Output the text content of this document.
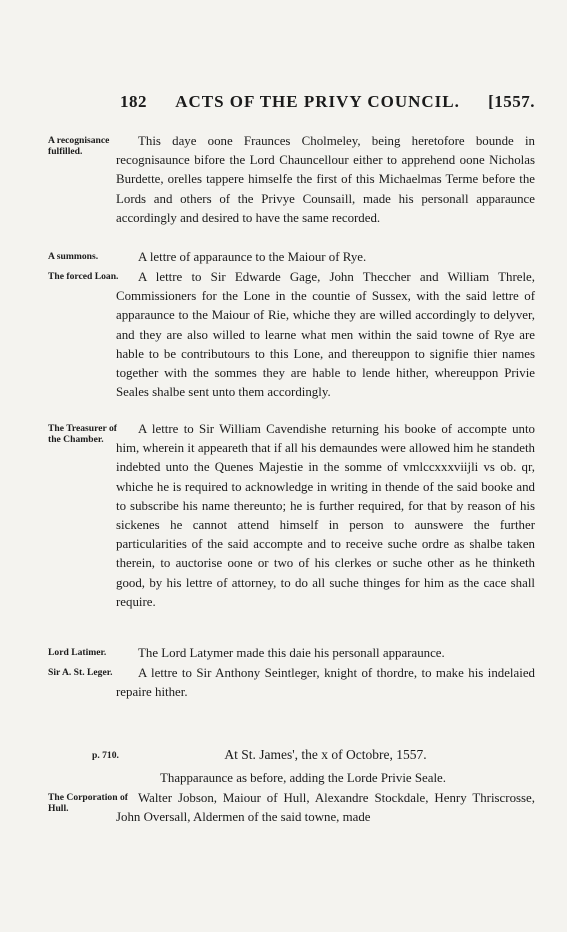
182 ACTS OF THE PRIVY COUNCIL. [1557.
A recognisance fulfilled.
This daye oone Fraunces Cholmeley, being heretofore bounde in recognisaunce bifore the Lord Chauncellour either to apprehend oone Nicholas Burdette, orelles tappere himselfe the first of this Michaelmas Terme before the Lords and others of the Privye Counsaill, made his personall apparaunce accordingly and desired to have the same recorded.
A summons.	A lettre of apparaunce to the Maiour of Rye.
The forced Loan.	A lettre to Sir Edwarde Gage, John Theccher and William Threle, Commissioners for the Lone in the countie of Sussex, with the said lettre of apparaunce to the Maiour of Rie, whiche they are willed accordingly to delyver, and they are also willed to learne what men within the said towne of Rye are hable to be contributours to this Lone, and thereuppon to signifie thier names together with the sommes they are hable to lende hither, whereuppon Privie Seales shalbe sent unto them accordingly.
The Treasurer of the Chamber.
A lettre to Sir William Cavendishe returning his booke of accompte unto him, wherein it appeareth that if all his demaundes were allowed him he standeth indebted unto the Quenes Majestie in the somme of vmlccxxxviijli vs ob. qr, whiche he is required to acknowledge in writing in thende of the said booke and to subscribe his name thereunto; he is further required, for that by reason of his sickenes he cannot attend himself in person to aunswere the further particularities of the said accompte and to receive suche ordre as shalbe taken therein, to auctorise oone or two of his clerkes or suche other as he thinketh good, by his lettre of attorney, to do all suche thinges for him as the cace shall require.
Lord Latimer.	The Lord Latymer made this daie his personall apparaunce.
Sir A. St. Leger.	A lettre to Sir Anthony Seintleger, knight of thordre, to make his indelaied repaire hither.
p. 710.	At St. James', the x of Octobre, 1557.
Thapparaunce as before, adding the Lorde Privie Seale.
The Corporation of Hull.
Walter Jobson, Maiour of Hull, Alexandre Stockdale, Henry Thriscrosse, John Oversall, Aldermen of the said towne, made
